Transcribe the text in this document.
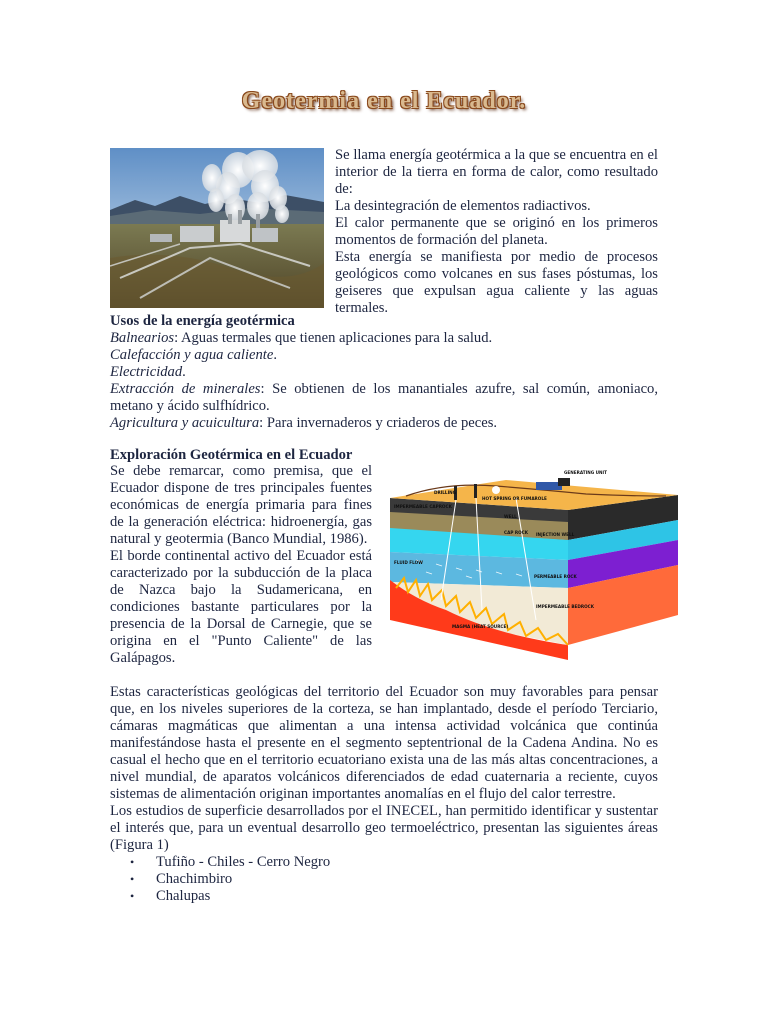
Geotermia en el Ecuador.

Se llama energía geotérmica a la que se encuentra en el interior de la tierra en forma de calor, como resultado de:

La desintegración de elementos radiactivos.

El calor permanente que se originó en los primeros momentos de formación del planeta.

Esta energía se manifiesta por medio de procesos geológicos como volcanes en sus fases póstumas, los geiseres que expulsan agua caliente y las aguas termales.

Usos de la energía geotérmica

Balnearios: Aguas termales que tienen aplicaciones para la salud.

Calefacción y agua caliente.

Electricidad.

Extracción de minerales: Se obtienen de los manantiales azufre, sal común, amoniaco, metano y ácido sulfhídrico.

Agricultura y acuicultura: Para invernaderos y criaderos de peces.

Exploración Geotérmica en el Ecuador

Se debe remarcar, como premisa, que el Ecuador dispone de tres principales fuentes económicas de energía primaria para fines de la generación eléctrica: hidroenergía, gas natural y geotermia (Banco Mundial, 1986).

El borde continental activo del Ecuador está caracterizado por la subducción de la placa de Nazca bajo la Sudamericana, en condiciones bastante particulares por la presencia de la Dorsal de Carnegie, que se origina en el "Punto Caliente" de las Galápagos.

GENERATING UNIT
IMPERMEABLE CAPROCK
DRILLING
HOT SPRING OR FUMAROLE
WELL
CAP ROCK INJECTION WELL
FLUID FLOW
PERMEABLE ROCK
IMPERMEABLE BEDROCK
MAGMA (HEAT SOURCE)

Estas características geológicas del territorio del Ecuador son muy favorables para pensar que, en los niveles superiores de la corteza, se han implantado, desde el período Terciario, cámaras magmáticas que alimentan a una intensa actividad volcánica que continúa manifestándose hasta el presente en el segmento septentrional de la Cadena Andina. No es casual el hecho que en el territorio ecuatoriano exista una de las más altas concentraciones, a nivel mundial, de aparatos volcánicos diferenciados de edad cuaternaria a reciente, cuyos sistemas de alimentación originan importantes anomalías en el flujo del calor terrestre.

Los estudios de superficie desarrollados por el INECEL, han permitido identificar y sustentar el interés que, para un eventual desarrollo geo termoeléctrico, presentan las siguientes áreas (Figura 1)

• Tufiño - Chiles - Cerro Negro
• Chachimbiro
• Chalupas
